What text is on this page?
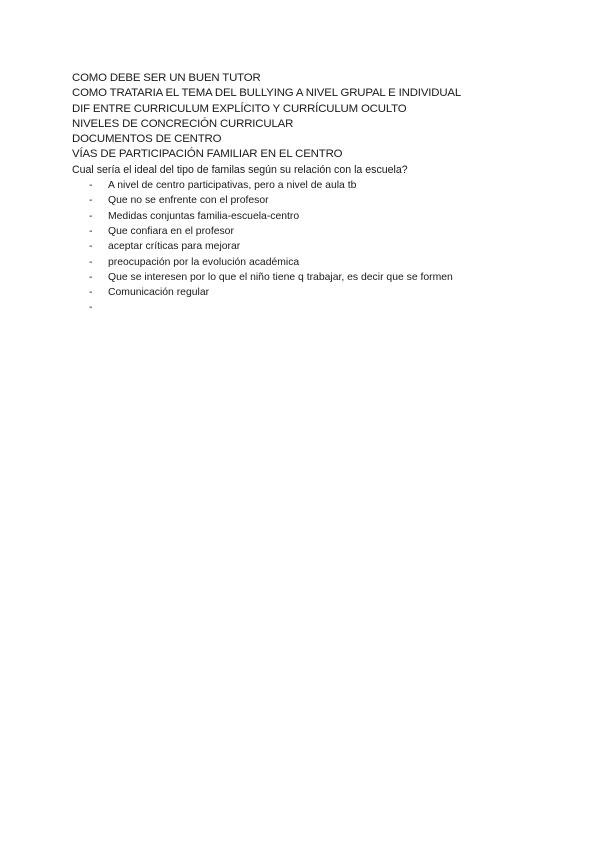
COMO DEBE SER UN BUEN TUTOR

COMO TRATARIA EL TEMA DEL BULLYING A NIVEL GRUPAL E INDIVIDUAL

DIF ENTRE CURRICULUM EXPLÍCITO Y CURRÍCULUM OCULTO

NIVELES DE CONCRECIÓN CURRICULAR

DOCUMENTOS DE CENTRO

VÍAS DE PARTICIPACIÓN FAMILIAR EN EL CENTRO

Cual sería el ideal del tipo de familas según su relación con la escuela?

- A nivel de centro participativas, pero a nivel de aula tb
- Que no se enfrente con el profesor
- Medidas conjuntas familia-escuela-centro
- Que confiara en el profesor
- aceptar críticas para mejorar
- preocupación por la evolución académica
- Que se interesen por lo que el niño tiene q trabajar, es decir que se formen
- Comunicación regular
-
